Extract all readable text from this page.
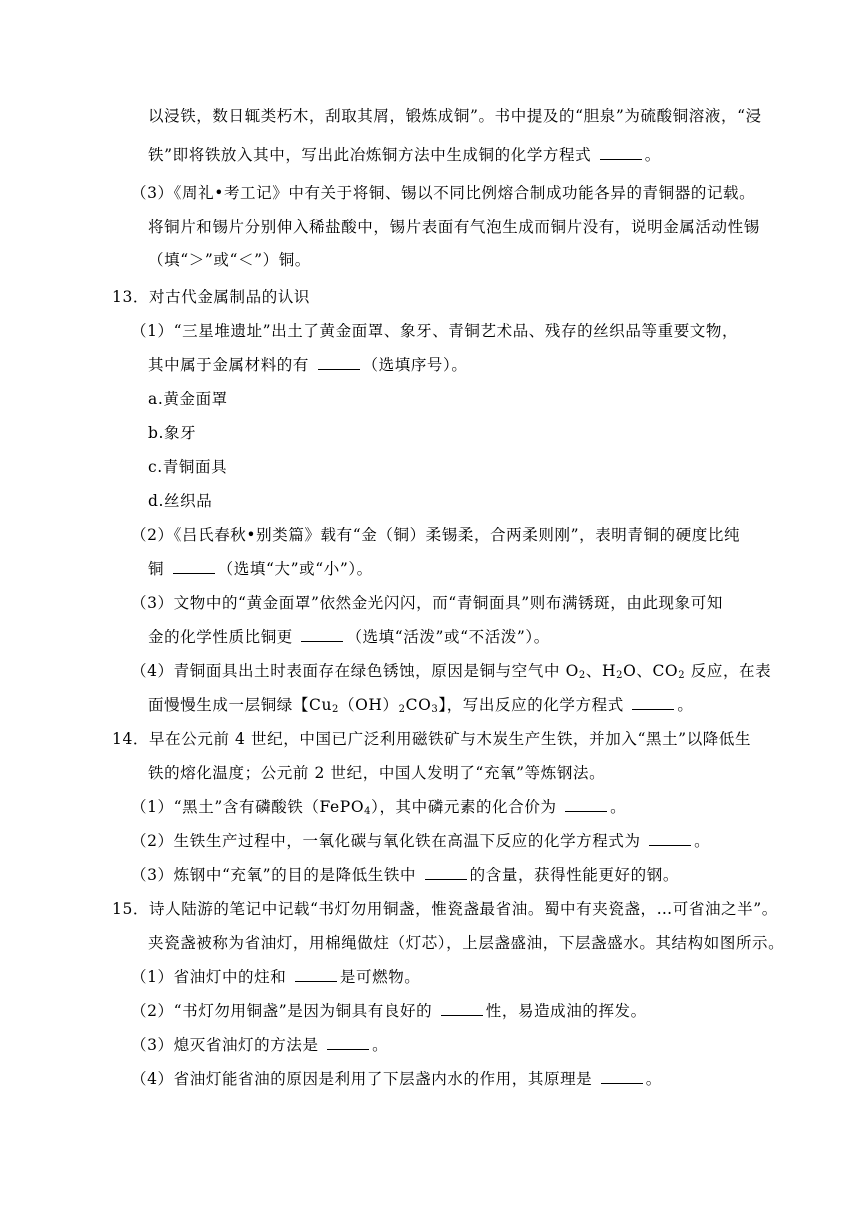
以浸铁，数日辄类朽木，刮取其屑，锻炼成铜”。书中提及的“胆泉”为硫酸铜溶液，“浸
铁”即将铁放入其中，写出此冶炼铜方法中生成铜的化学方程式	。
（3）《周礼•考工记》中有关于将铜、锡以不同比例熔合制成功能各异的青铜器的记载。
将铜片和锡片分别伸入稀盐酸中，锡片表面有气泡生成而铜片没有，说明金属活动性锡
（填“＞”或“＜”）铜。
13．对古代金属制品的认识
（1）“三星堆遗址”出土了黄金面罩、象牙、青铜艺术品、残存的丝织品等重要文物，
其中属于金属材料的有	（选填序号）。
a.黄金面罩
b.象牙
c.青铜面具
d.丝织品
（2）《吕氏春秋•别类篇》载有“金（铜）柔锡柔，合两柔则刚”，表明青铜的硬度比纯
铜	（选填“大”或“小”）。
（3）文物中的“黄金面罩”依然金光闪闪，而“青铜面具”则布满锈斑，由此现象可知
金的化学性质比铜更	（选填“活泼”或“不活泼”）。
（4）青铜面具出土时表面存在绿色锈蚀，原因是铜与空气中 $O_2$、$H_2O$、$CO_2$ 反应，在表
面慢慢生成一层铜绿【$Cu_2(OH)_2CO_3$】，写出反应的化学方程式	。
14．早在公元前 4 世纪，中国已广泛利用磁铁矿与木炭生产生铁，并加入“黑土”以降低生
铁的熔化温度；公元前 2 世纪，中国人发明了“充氧”等炼钢法。
（1）“黑土”含有磷酸铁（FePO$_4$），其中磷元素的化合价为	。
（2）生铁生产过程中，一氧化碳与氧化铁在高温下反应的化学方程式为	。
（3）炼钢中“充氧”的目的是降低生铁中	的含量，获得性能更好的钢。
15．诗人陆游的笔记中记载“书灯勿用铜盏，惟瓷盏最省油。蜀中有夹瓷盏，…可省油之半”。
夹瓷盏被称为省油灯，用棉绳做炷（灯芯），上层盏盛油，下层盏盛水。其结构如图所示。
（1）省油灯中的炷和	是可燃物。
（2）“书灯勿用铜盏”是因为铜具有良好的	性，易造成油的挥发。
（3）熄灭省油灯的方法是	。
（4）省油灯能省油的原因是利用了下层盏内水的作用，其原理是	。
